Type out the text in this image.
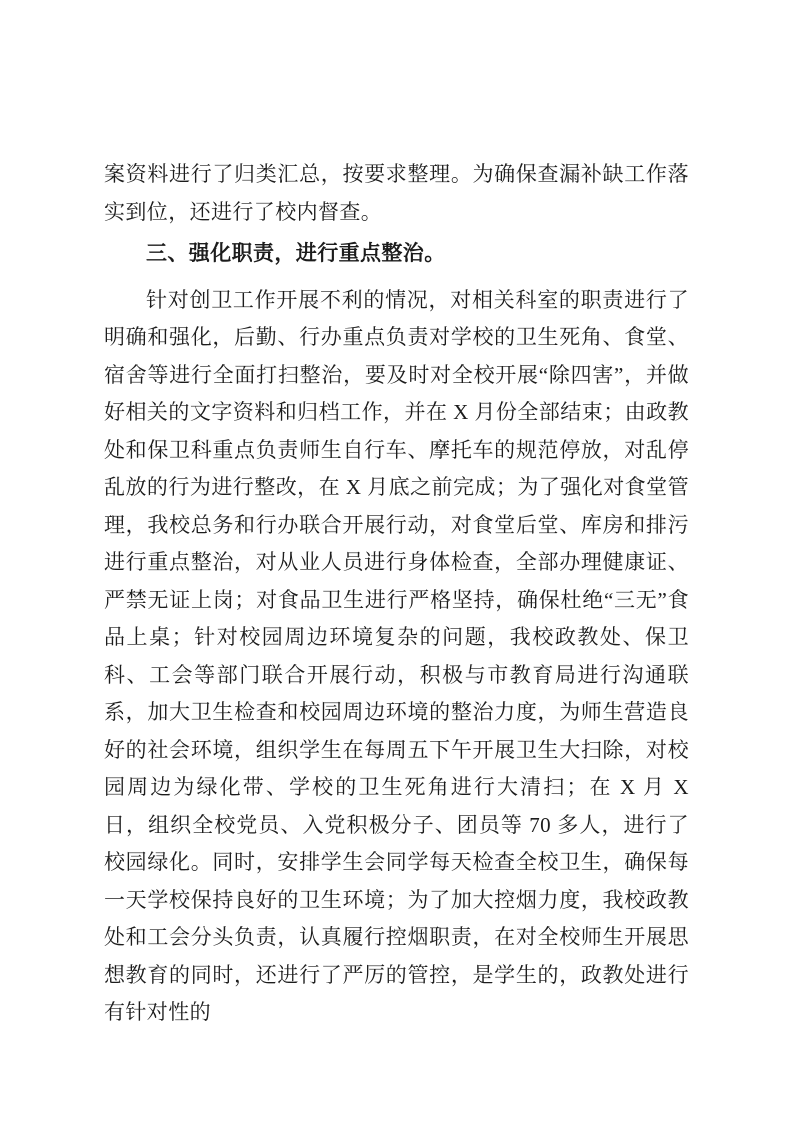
案资料进行了归类汇总，按要求整理。为确保查漏补缺工作落实到位，还进行了校内督查。

三、强化职责，进行重点整治。

针对创卫工作开展不利的情况，对相关科室的职责进行了明确和强化，后勤、行办重点负责对学校的卫生死角、食堂、宿舍等进行全面打扫整治，要及时对全校开展“除四害”，并做好相关的文字资料和归档工作，并在 X 月份全部结束；由政教处和保卫科重点负责师生自行车、摩托车的规范停放，对乱停乱放的行为进行整改，在 X 月底之前完成；为了强化对食堂管理，我校总务和行办联合开展行动，对食堂后堂、库房和排污进行重点整治，对从业人员进行身体检查，全部办理健康证、严禁无证上岗；对食品卫生进行严格坚持，确保杜绝“三无”食品上桌；针对校园周边环境复杂的问题，我校政教处、保卫科、工会等部门联合开展行动，积极与市教育局进行沟通联系，加大卫生检查和校园周边环境的整治力度，为师生营造良好的社会环境，组织学生在每周五下午开展卫生大扫除，对校园周边为绿化带、学校的卫生死角进行大清扫；在 X 月 X 日，组织全校党员、入党积极分子、团员等 70 多人，进行了校园绿化。同时，安排学生会同学每天检查全校卫生，确保每一天学校保持良好的卫生环境；为了加大控烟力度，我校政教处和工会分头负责，认真履行控烟职责，在对全校师生开展思想教育的同时，还进行了严厉的管控，是学生的，政教处进行有针对性的
